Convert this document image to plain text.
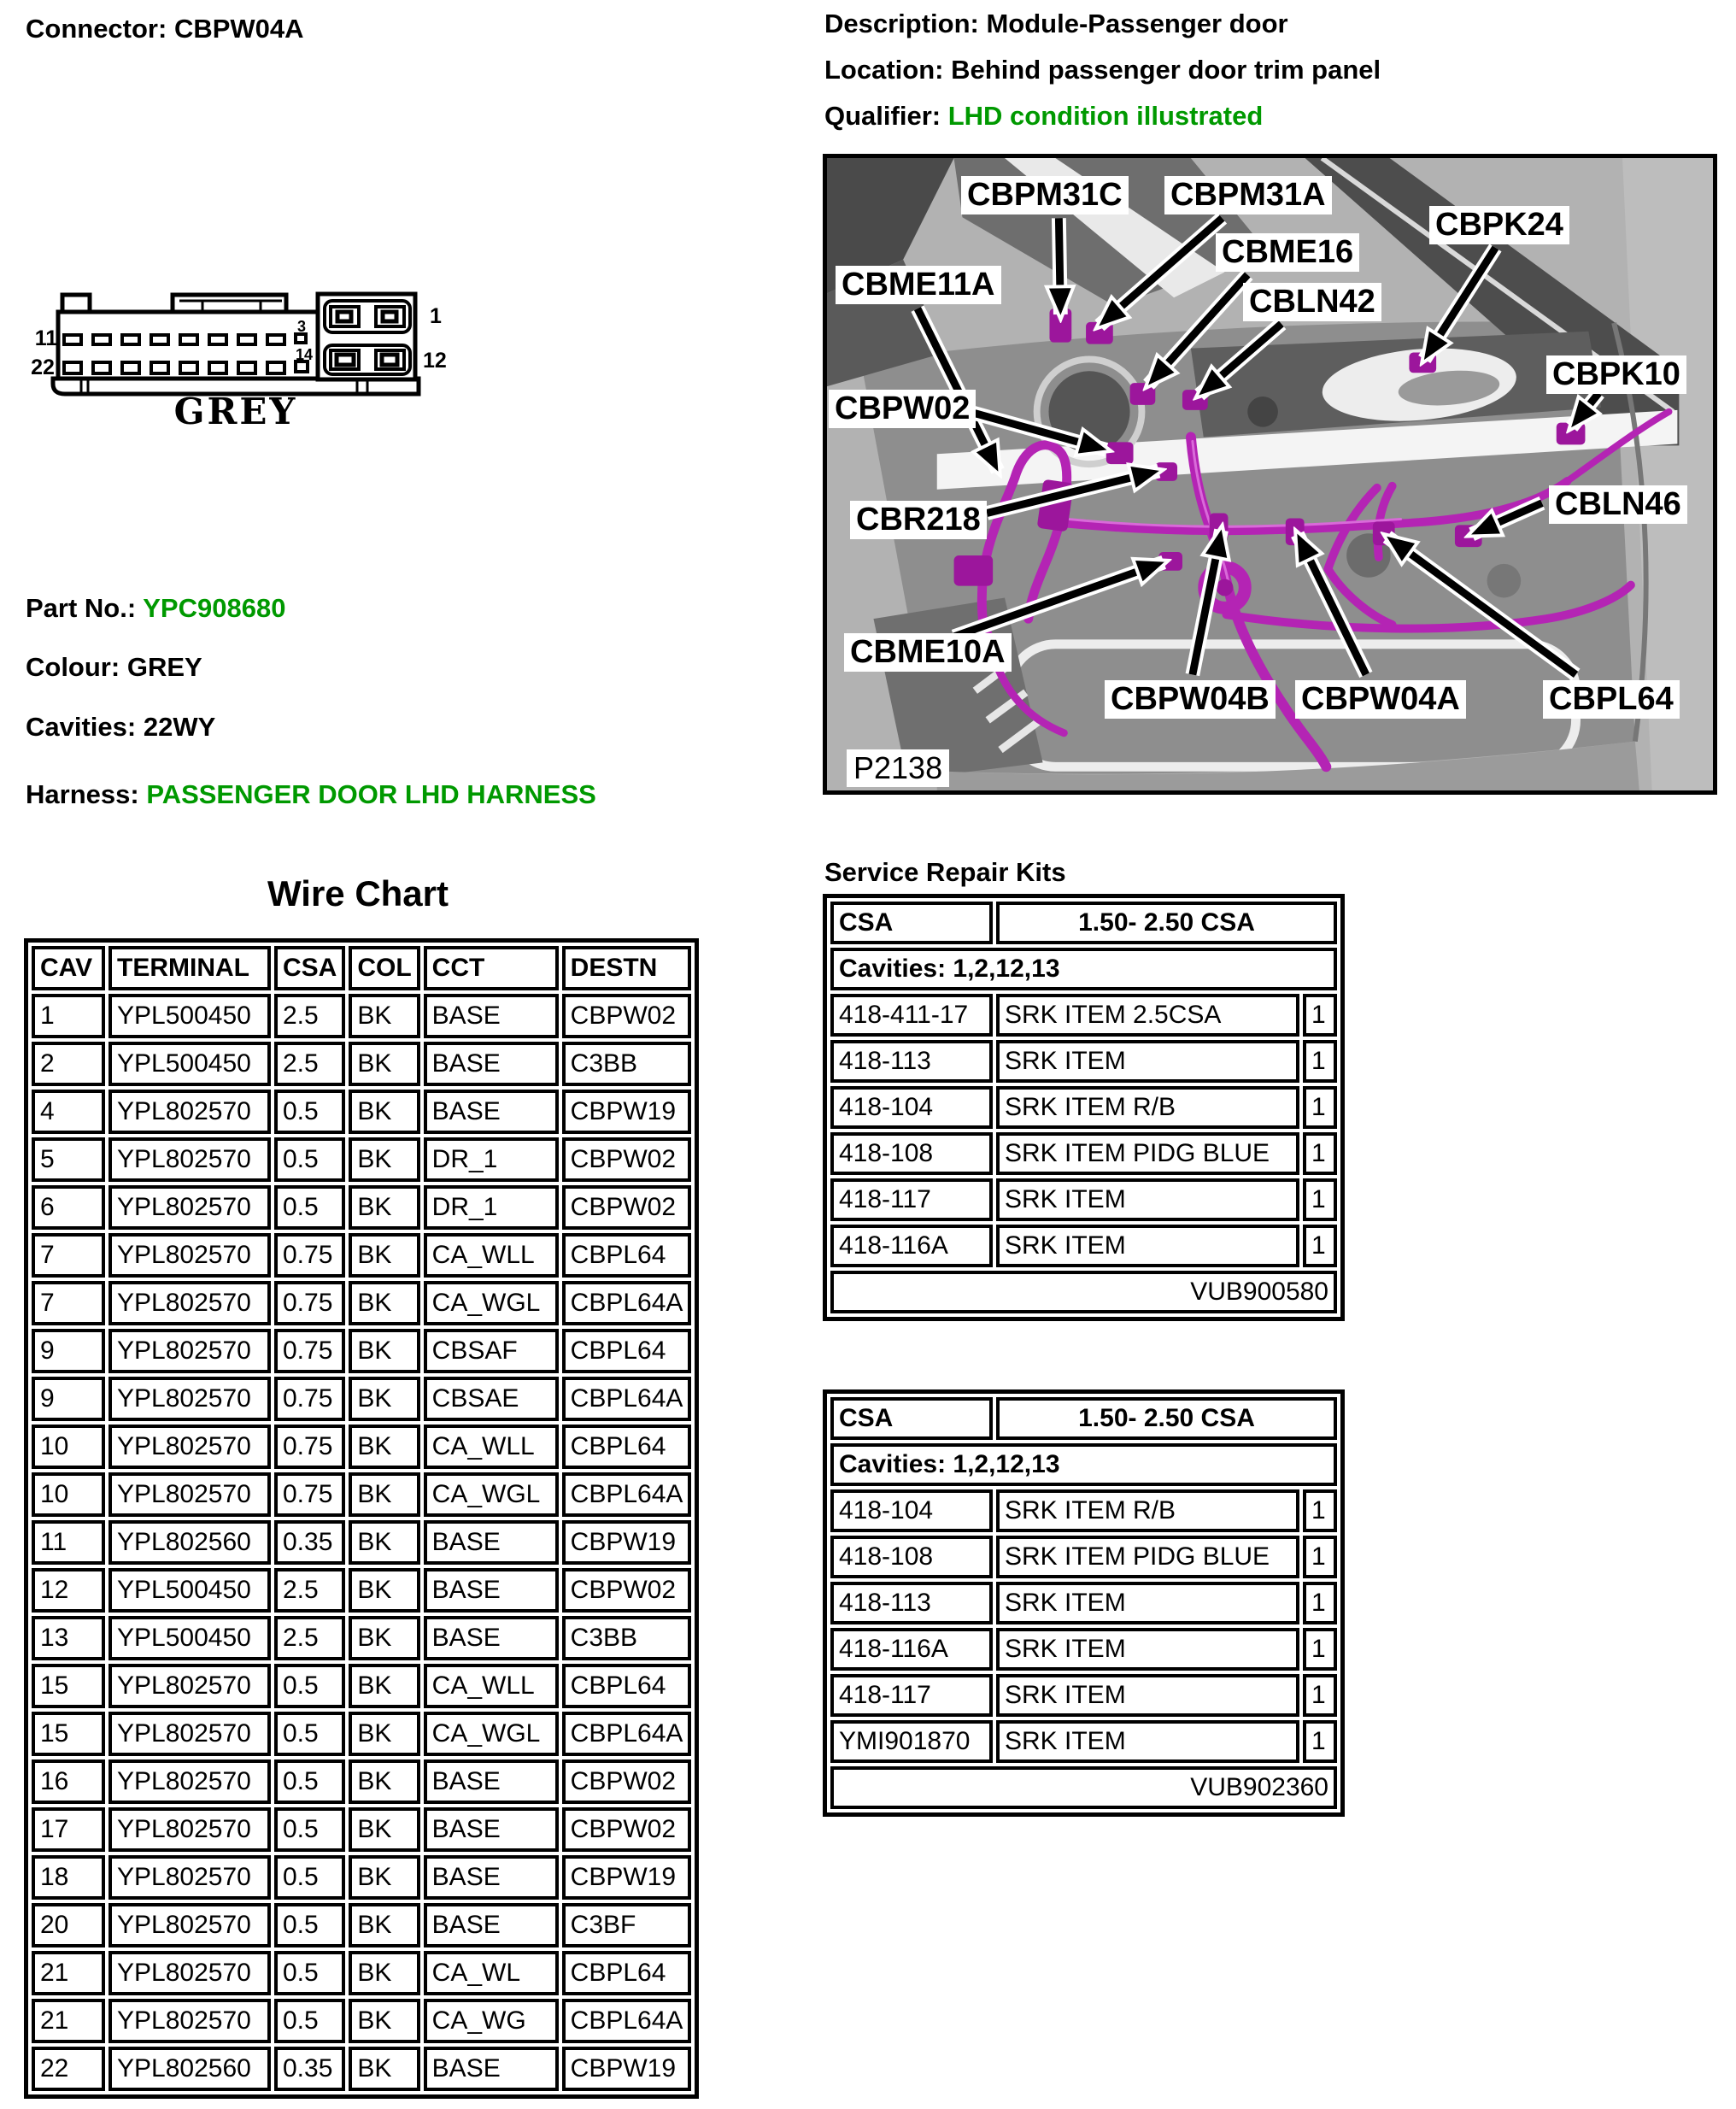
Connector: CBPW04A
11
22
3
14
1
12
GREY
Part No.: YPC908680
Colour: GREY
Cavities: 22WY
Harness: PASSENGER DOOR LHD HARNESS
Wire Chart
CAV	TERMINAL	CSA	COL	CCT	DESTN
1	YPL500450	2.5	BK	BASE	CBPW02
2	YPL500450	2.5	BK	BASE	C3BB
4	YPL802570	0.5	BK	BASE	CBPW19
5	YPL802570	0.5	BK	DR_1	CBPW02
6	YPL802570	0.5	BK	DR_1	CBPW02
7	YPL802570	0.75	BK	CA_WLL	CBPL64
7	YPL802570	0.75	BK	CA_WGL	CBPL64A
9	YPL802570	0.75	BK	CBSAF	CBPL64
9	YPL802570	0.75	BK	CBSAE	CBPL64A
10	YPL802570	0.75	BK	CA_WLL	CBPL64
10	YPL802570	0.75	BK	CA_WGL	CBPL64A
11	YPL802560	0.35	BK	BASE	CBPW19
12	YPL500450	2.5	BK	BASE	CBPW02
13	YPL500450	2.5	BK	BASE	C3BB
15	YPL802570	0.5	BK	CA_WLL	CBPL64
15	YPL802570	0.5	BK	CA_WGL	CBPL64A
16	YPL802570	0.5	BK	BASE	CBPW02
17	YPL802570	0.5	BK	BASE	CBPW02
18	YPL802570	0.5	BK	BASE	CBPW19
20	YPL802570	0.5	BK	BASE	C3BF
21	YPL802570	0.5	BK	CA_WL	CBPL64
21	YPL802570	0.5	BK	CA_WG	CBPL64A
22	YPL802560	0.35	BK	BASE	CBPW19
Description: Module-Passenger door
Location: Behind passenger door trim panel
Qualifier: LHD condition illustrated
CBME11A
CBPM31C CBPM31A
CBME16
CBPK24
CBLN42
CBPK10
CBPW02
CBLN46
CBR218
CBME10A
CBPW04B CBPW04A	CBPL64
P2138
Service Repair Kits
CSA	1.50- 2.50 CSA	
Cavities: 1,2,12,13		
418-411-17	SRK ITEM 2.5CSA	1
418-113	SRK ITEM	1
418-104	SRK ITEM R/B	1
418-108	SRK ITEM PIDG BLUE	1
418-117	SRK ITEM	1
418-116A	SRK ITEM	1
VUB900580		
CSA	1.50- 2.50 CSA	
Cavities: 1,2,12,13		
418-104	SRK ITEM R/B	1
418-108	SRK ITEM PIDG BLUE	1
418-113	SRK ITEM	1
418-116A	SRK ITEM	1
418-117	SRK ITEM	1
YMI901870	SRK ITEM	1
VUB902360		
